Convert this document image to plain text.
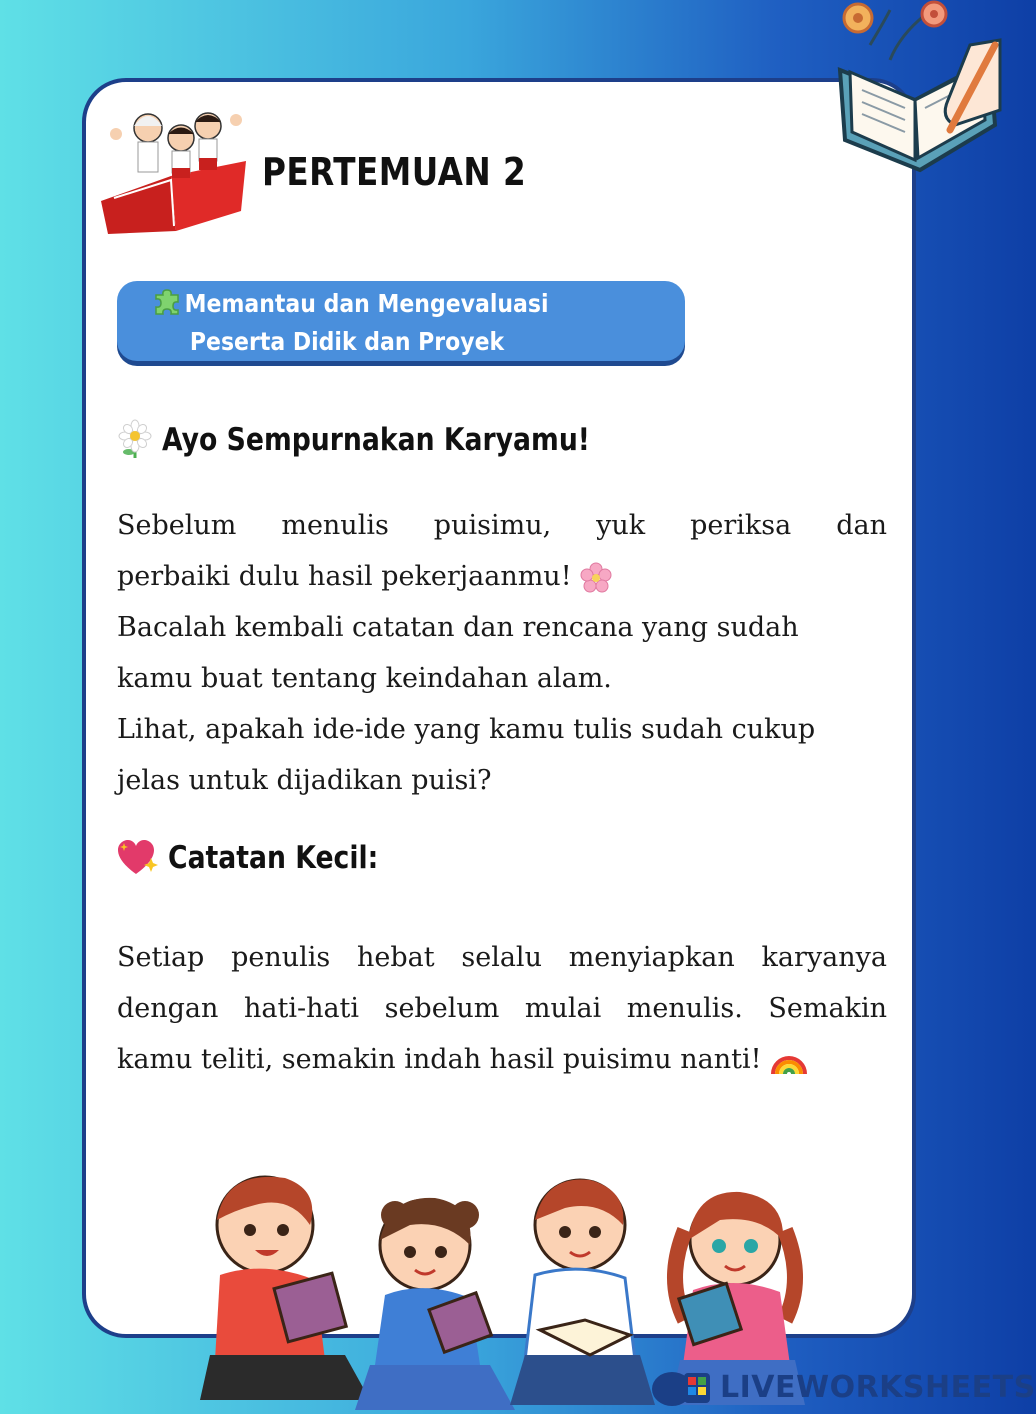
PERTEMUAN 2
Memantau dan Mengevaluasi
Peserta Didik dan Proyek
Ayo Sempurnakan Karyamu!
Sebelum menulis puisimu, yuk periksa dan
perbaiki dulu hasil pekerjaanmu!
Bacalah kembali catatan dan rencana yang sudah
kamu buat tentang keindahan alam.
Lihat, apakah ide-ide yang kamu tulis sudah cukup
jelas untuk dijadikan puisi?
Catatan Kecil:
Setiap penulis hebat selalu menyiapkan karyanya
dengan hati-hati sebelum mulai menulis. Semakin
kamu teliti, semakin indah hasil puisimu nanti!
LIVEWORKSHEETS
